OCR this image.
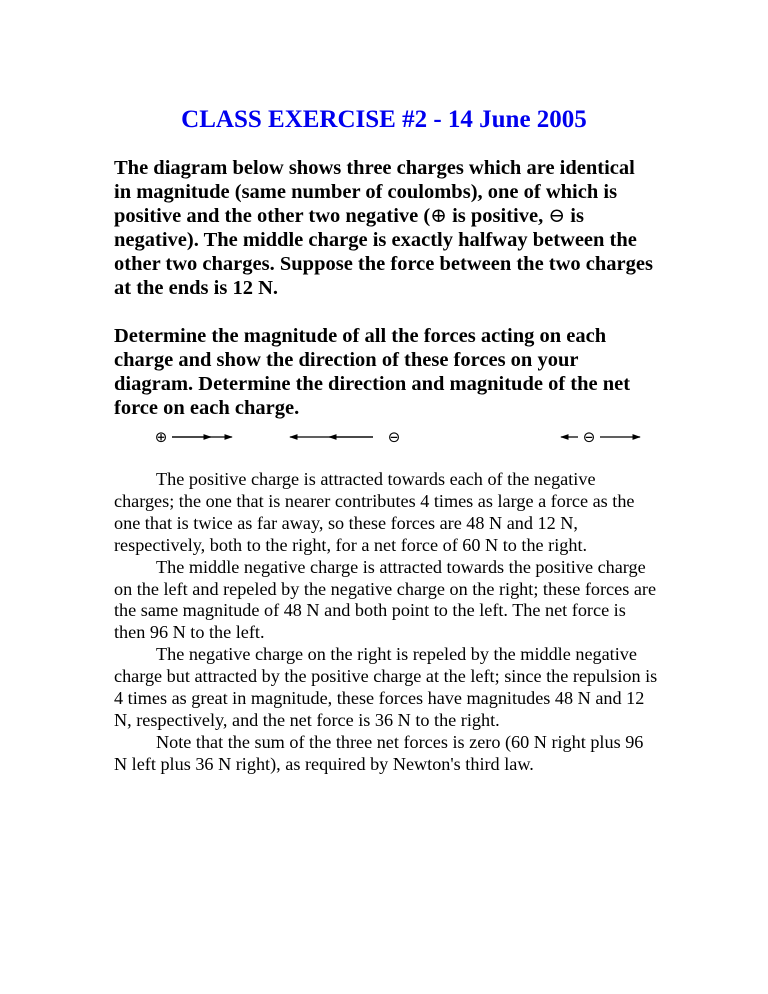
CLASS EXERCISE #2 - 14 June 2005

The diagram below shows three charges which are identical in magnitude (same number of coulombs), one of which is positive and the other two negative (⊕ is positive, ⊖ is negative). The middle charge is exactly halfway between the other two charges. Suppose the force between the two charges at the ends is 12 N.

Determine the magnitude of all the forces acting on each charge and show the direction of these forces on your diagram. Determine the direction and magnitude of the net force on each charge.

⊕	⊖	⊖

The positive charge is attracted towards each of the negative charges; the one that is nearer contributes 4 times as large a force as the one that is twice as far away, so these forces are 48 N and 12 N, respectively, both to the right, for a net force of 60 N to the right.

The middle negative charge is attracted towards the positive charge on the left and repeled by the negative charge on the right; these forces are the same magnitude of 48 N and both point to the left. The net force is then 96 N to the left.

The negative charge on the right is repeled by the middle negative charge but attracted by the positive charge at the left; since the repulsion is 4 times as great in magnitude, these forces have magnitudes 48 N and 12 N, respectively, and the net force is 36 N to the right.

Note that the sum of the three net forces is zero (60 N right plus 96 N left plus 36 N right), as required by Newton's third law.
